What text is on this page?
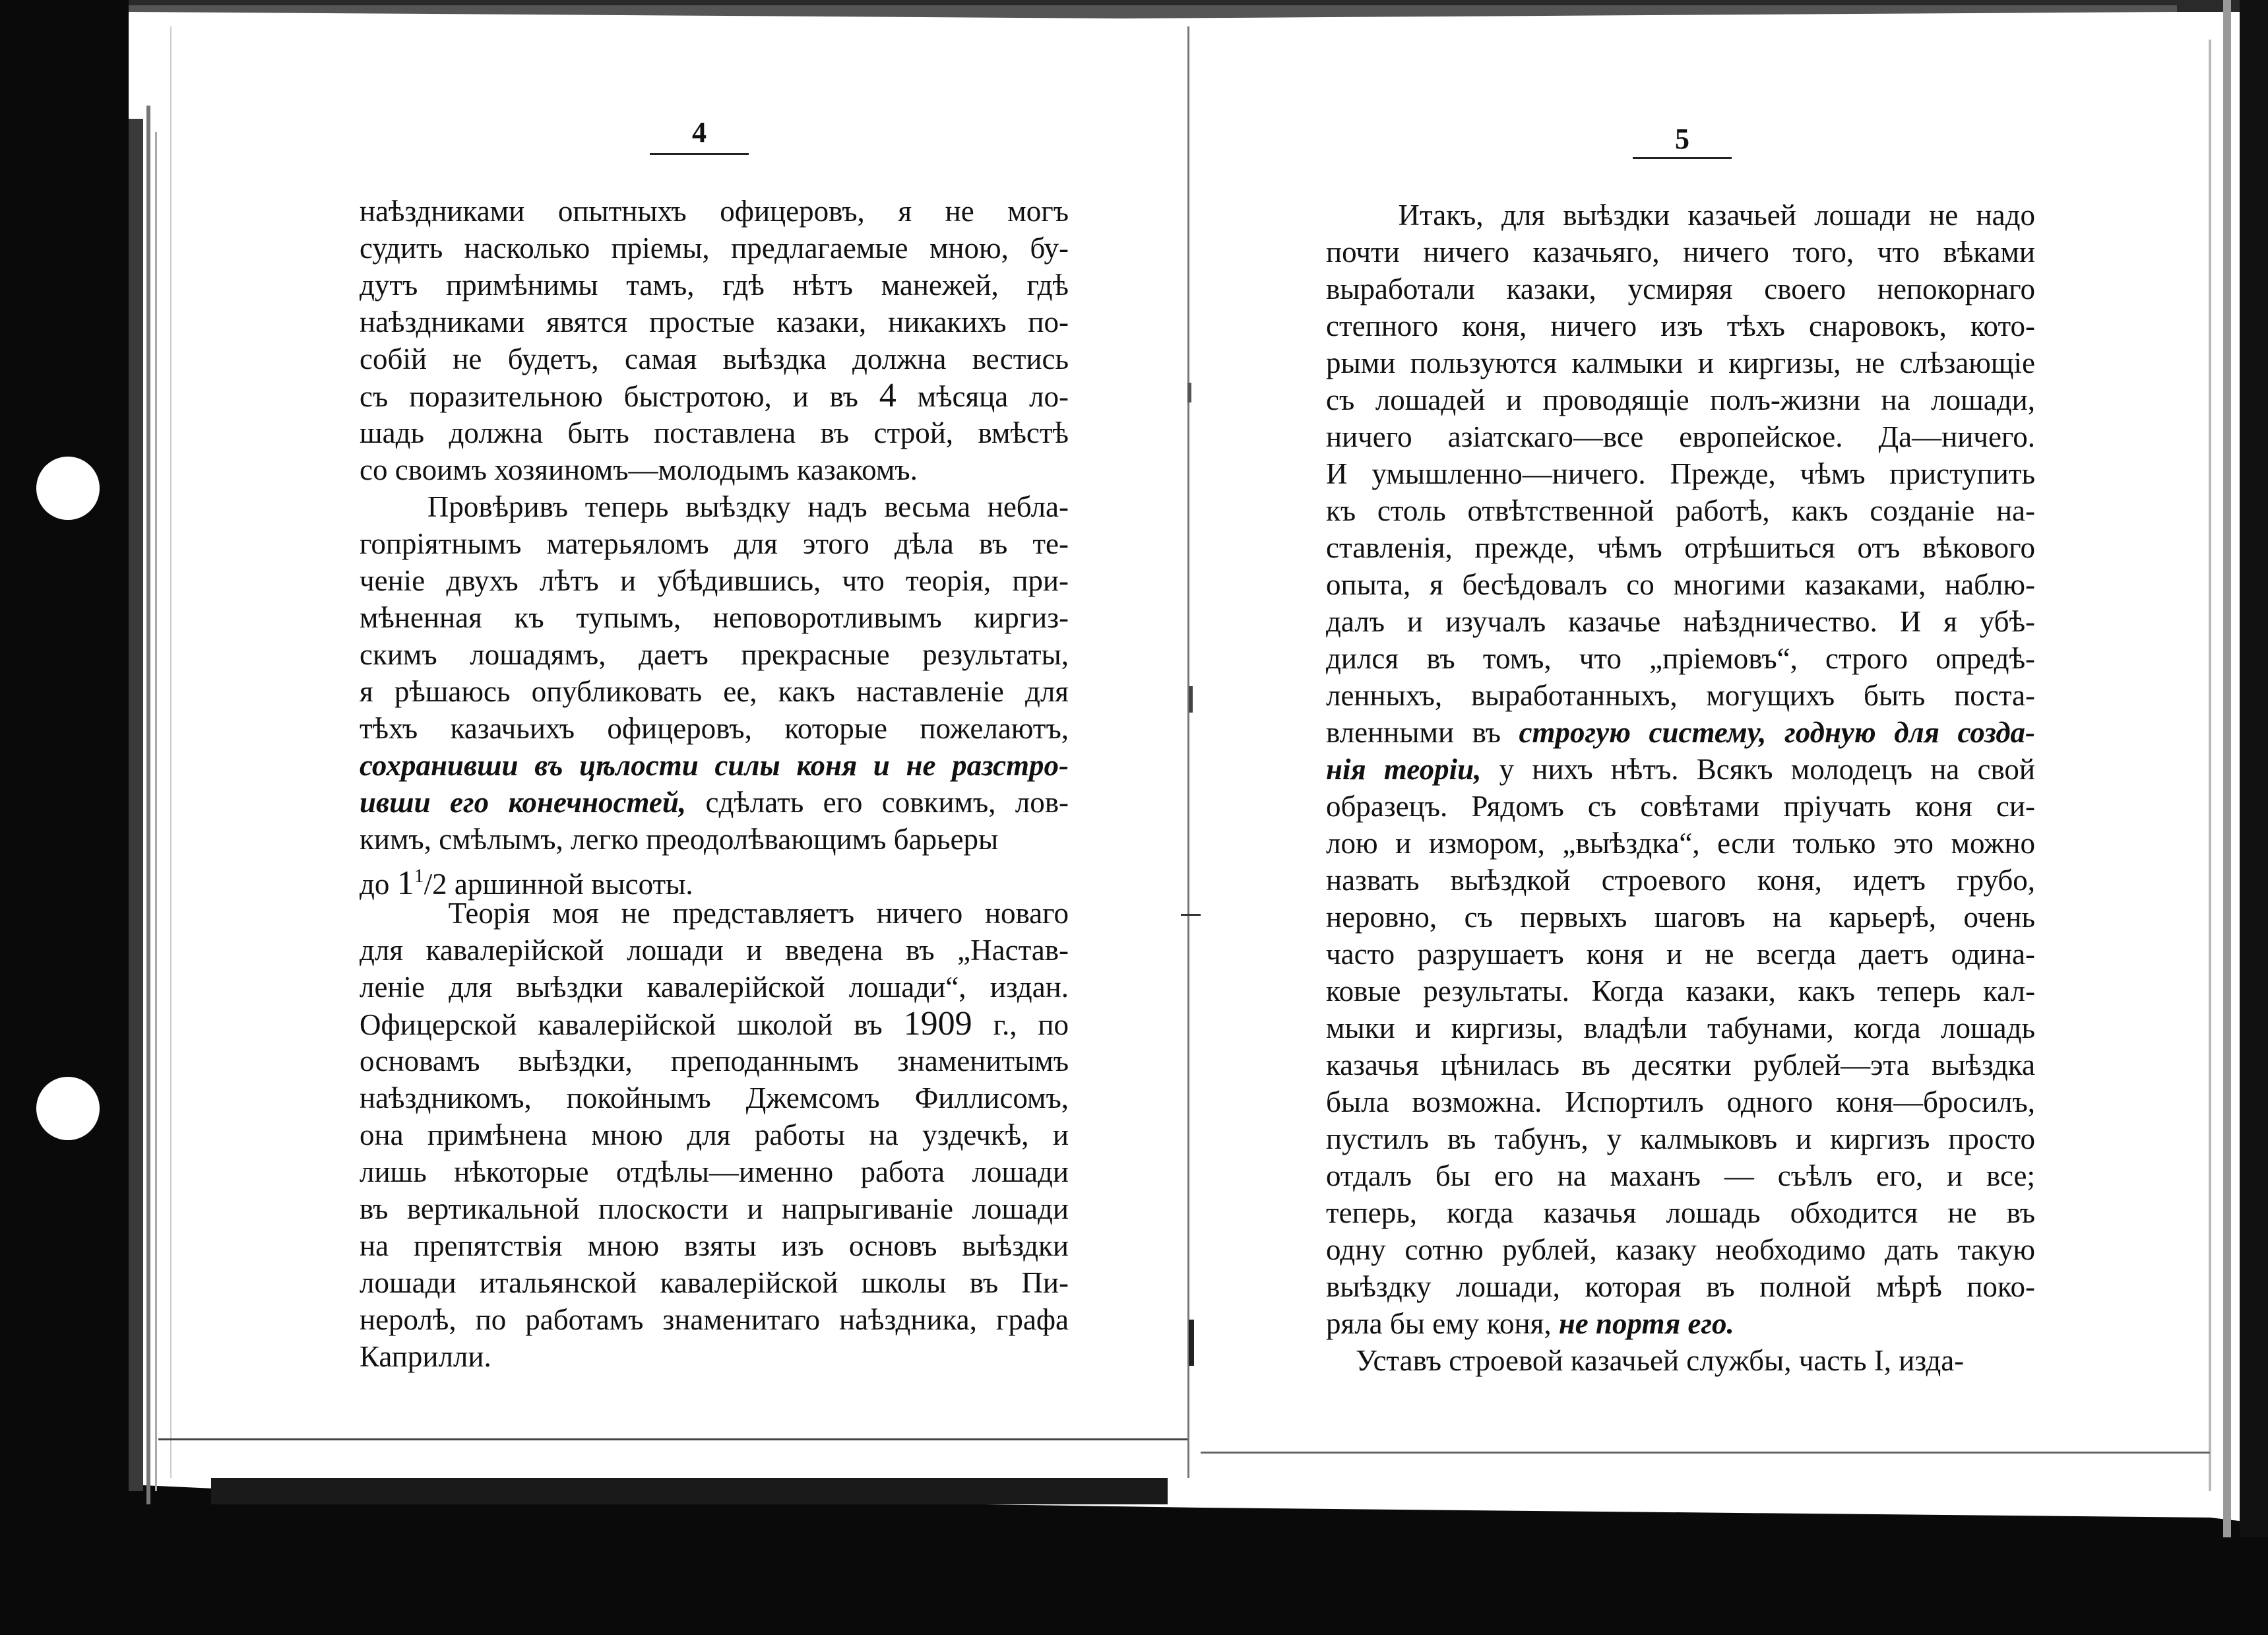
4
наѣздниками опытныхъ офицеровъ, я не могъ
судить насколько пріемы, предлагаемые мною, бу-
дутъ примѣнимы тамъ, гдѣ нѣтъ манежей, гдѣ
наѣздниками явятся простые казаки, никакихъ по-
собій не будетъ, самая выѣздка должна вестись
съ поразительною быстротою, и въ 4 мѣсяца ло-
шадь должна быть поставлена въ строй, вмѣстѣ
со своимъ хозяиномъ—молодымъ казакомъ.
Провѣривъ теперь выѣздку надъ весьма небла-
гопріятнымъ матерьяломъ для этого дѣла въ те-
ченіе двухъ лѣтъ и убѣдившись, что теорія, при-
мѣненная къ тупымъ, неповоротливымъ киргиз-
скимъ лошадямъ, даетъ прекрасные результаты,
я рѣшаюсь опубликовать ее, какъ наставленіе для
тѣхъ казачьихъ офицеровъ, которые пожелаютъ,
сохранивши въ цѣлости силы коня и не разстро-
ивши его конечностей, сдѣлать его совкимъ, лов-
кимъ, смѣлымъ, легко преодолѣвающимъ барьеры
до $1^1/2$ аршинной высоты.
Теорія моя не представляетъ ничего новаго
для кавалерійской лошади и введена въ „Настав-
леніе для выѣздки кавалерійской лошади“, издан.
Офицерской кавалерійской школой въ 1909 г., по
основамъ выѣздки, преподаннымъ знаменитымъ
наѣздникомъ, покойнымъ Джемсомъ Филлисомъ,
она примѣнена мною для работы на уздечкѣ, и
лишь нѣкоторые отдѣлы—именно работа лошади
въ вертикальной плоскости и напрыгиваніе лошади
на препятствія мною взяты изъ основъ выѣздки
лошади итальянской кавалерійской школы въ Пи-
неролѣ, по работамъ знаменитаго наѣздника, графа
Каприлли.
5
Итакъ, для выѣздки казачьей лошади не надо
почти ничего казачьяго, ничего того, что вѣками
выработали казаки, усмиряя своего непокорнаго
степного коня, ничего изъ тѣхъ снаровокъ, кото-
рыми пользуются калмыки и киргизы, не слѣзающіе
съ лошадей и проводящіе полъ-жизни на лошади,
ничего азіатскаго—все европейское. Да—ничего.
И умышленно—ничего. Прежде, чѣмъ приступить
къ столь отвѣтственной работѣ, какъ созданіе на-
ставленія, прежде, чѣмъ отрѣшиться отъ вѣкового
опыта, я бесѣдовалъ со многими казаками, наблю-
далъ и изучалъ казачье наѣздничество. И я убѣ-
дился въ томъ, что „пріемовъ“, строго опредѣ-
ленныхъ, выработанныхъ, могущихъ быть поста-
вленными въ строгую систему, годную для созда-
нія теоріи, у нихъ нѣтъ. Всякъ молодецъ на свой
образецъ. Рядомъ съ совѣтами пріучать коня си-
лою и измором, „выѣздка“, если только это можно
назвать выѣздкой строевого коня, идетъ грубо,
неровно, съ первыхъ шаговъ на карьерѣ, очень
часто разрушаетъ коня и не всегда даетъ одина-
ковые результаты. Когда казаки, какъ теперь кал-
мыки и киргизы, владѣли табунами, когда лошадь
казачья цѣнилась въ десятки рублей—эта выѣздка
была возможна. Испортилъ одного коня—бросилъ,
пустилъ въ табунъ, у калмыковъ и киргизъ просто
отдалъ бы его на маханъ — съѣлъ его, и все;
теперь, когда казачья лошадь обходится не въ
одну сотню рублей, казаку необходимо дать такую
выѣздку лошади, которая въ полной мѣрѣ поко-
ряла бы ему коня, не портя его.
Уставъ строевой казачьей службы, часть I, изда-
